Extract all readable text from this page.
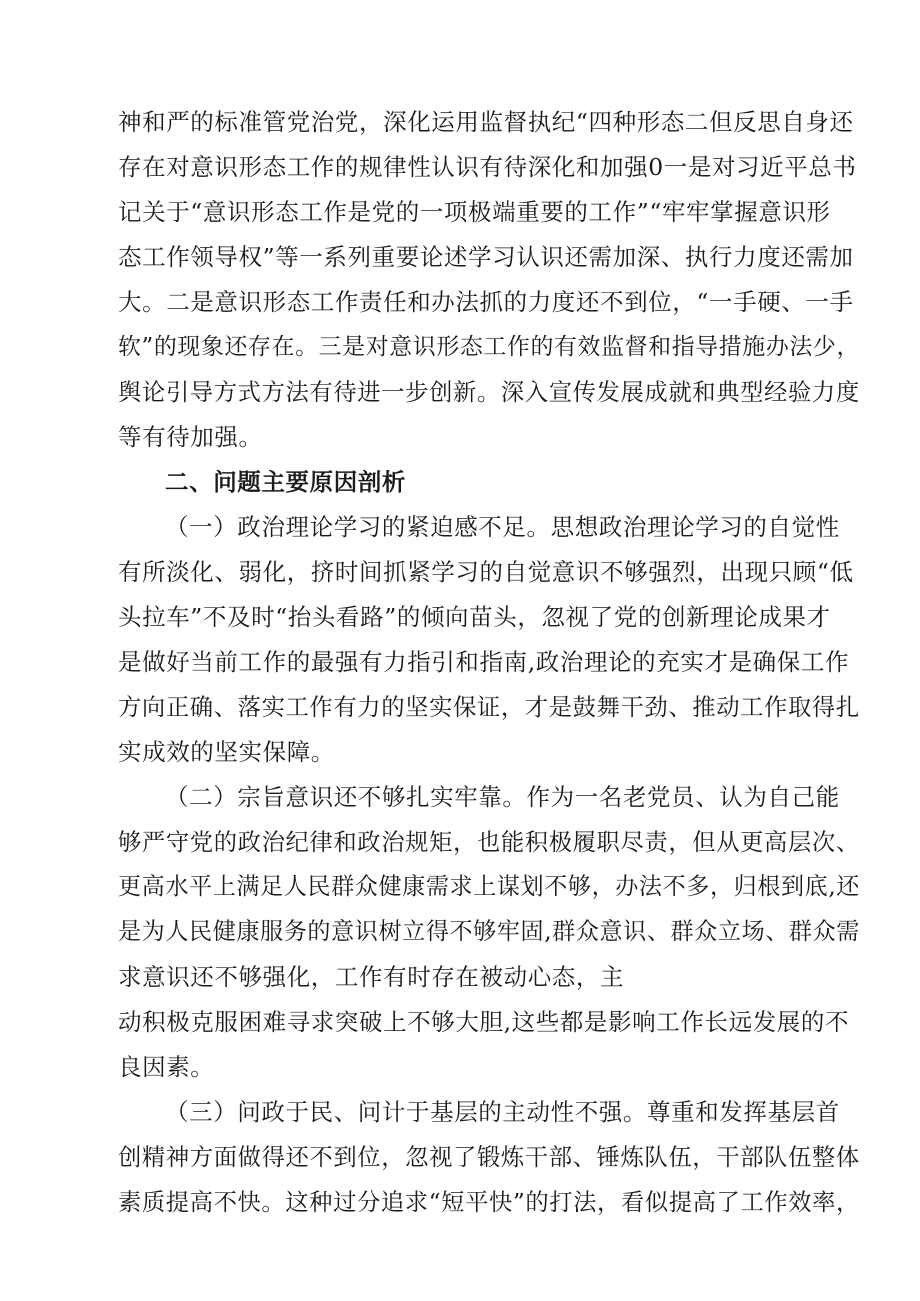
神和严的标准管党治党，深化运用监督执纪“四种形态二但反思自身还
存在对意识形态工作的规律性认识有待深化和加强0一是对习近平总书
记关于“意识形态工作是党的一项极端重要的工作”“牢牢掌握意识形
态工作领导权”等一系列重要论述学习认识还需加深、执行力度还需加
大。二是意识形态工作责任和办法抓的力度还不到位，“一手硬、一手
软”的现象还存在。三是对意识形态工作的有效监督和指导措施办法少，
舆论引导方式方法有待进一步创新。深入宣传发展成就和典型经验力度
等有待加强。
二、问题主要原因剖析
（一）政治理论学习的紧迫感不足。思想政治理论学习的自觉性
有所淡化、弱化，挤时间抓紧学习的自觉意识不够强烈，出现只顾“低
头拉车”不及时“抬头看路”的倾向苗头，忽视了党的创新理论成果才
是做好当前工作的最强有力指引和指南,政治理论的充实才是确保工作
方向正确、落实工作有力的坚实保证，才是鼓舞干劲、推动工作取得扎
实成效的坚实保障。
（二）宗旨意识还不够扎实牢靠。作为一名老党员、认为自己能
够严守党的政治纪律和政治规矩，也能积极履职尽责，但从更高层次、
更高水平上满足人民群众健康需求上谋划不够，办法不多，归根到底,还
是为人民健康服务的意识树立得不够牢固,群众意识、群众立场、群众需
求意识还不够强化，工作有时存在被动心态，主
动积极克服困难寻求突破上不够大胆,这些都是影响工作长远发展的不
良因素。
（三）问政于民、问计于基层的主动性不强。尊重和发挥基层首
创精神方面做得还不到位，忽视了锻炼干部、锤炼队伍，干部队伍整体
素质提高不快。这种过分追求“短平快”的打法，看似提高了工作效率，
